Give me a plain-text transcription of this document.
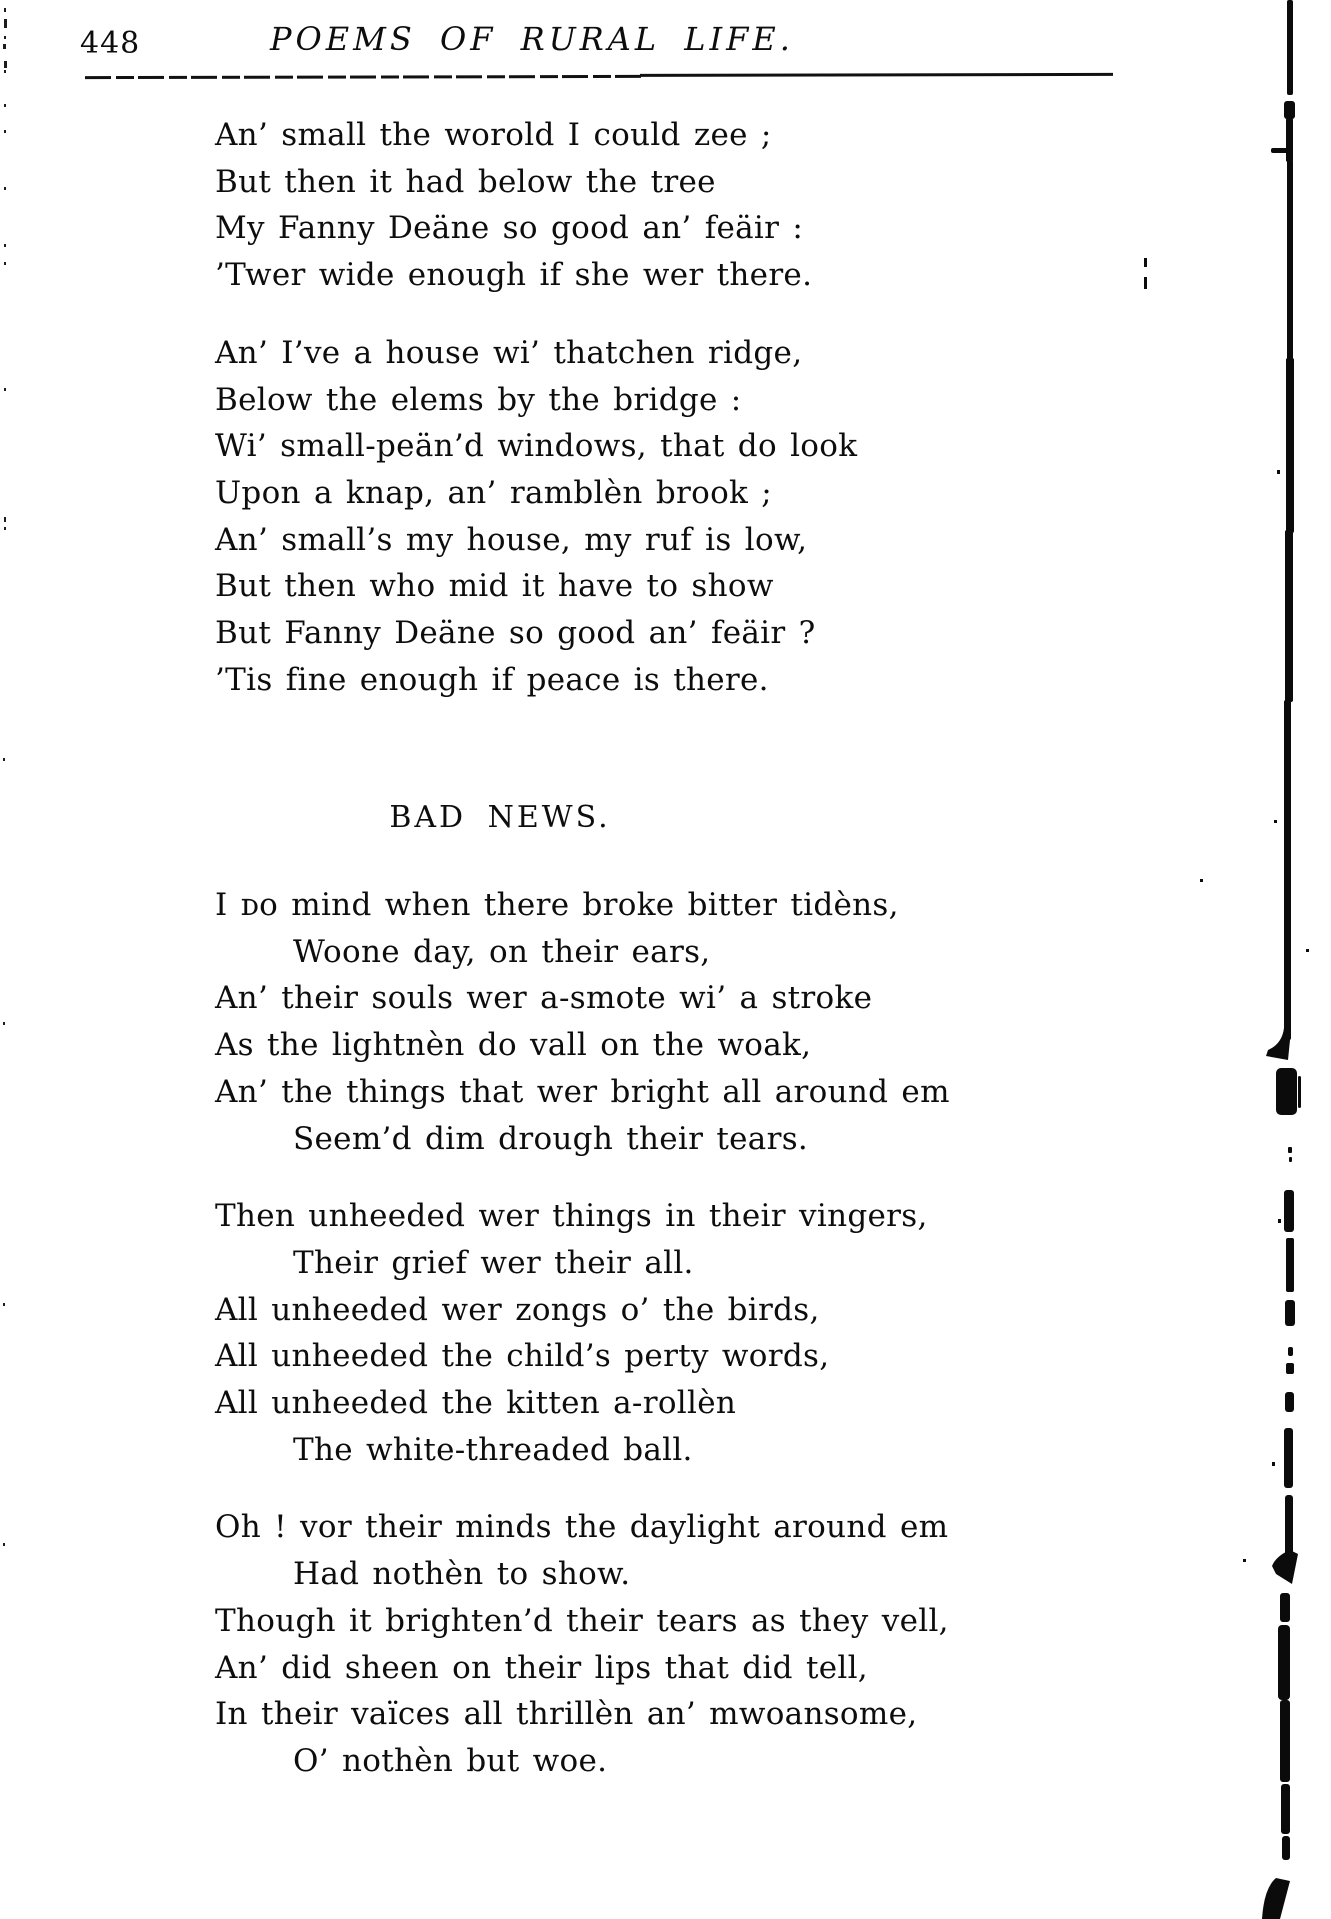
448	POEMS OF RURAL LIFE.
An’ small the worold I could zee ;
But then it had below the tree
My Fanny Deäne so good an’ feäir :
’Twer wide enough if she wer there.
An’ I’ve a house wi’ thatchen ridge,
Below the elems by the bridge :
Wi’ small-peän’d windows, that do look
Upon a knap, an’ ramblèn brook ;
An’ small’s my house, my ruf is low,
But then who mid it have to show
But Fanny Deäne so good an’ feäir ?
’Tis fine enough if peace is there.
BAD NEWS.
I ᴅᴏ mind when there broke bitter tidèns,
Woone day, on their ears,
An’ their souls wer a-smote wi’ a stroke
As the lightnèn do vall on the woak,
An’ the things that wer bright all around em
Seem’d dim drough their tears.
Then unheeded wer things in their vingers,
Their grief wer their all.
All unheeded wer zongs o’ the birds,
All unheeded the child’s perty words,
All unheeded the kitten a-rollèn
The white-threaded ball.
Oh ! vor their minds the daylight around em
Had nothèn to show.
Though it brighten’d their tears as they vell,
An’ did sheen on their lips that did tell,
In their vaïces all thrillèn an’ mwoansome,
O’ nothèn but woe.
